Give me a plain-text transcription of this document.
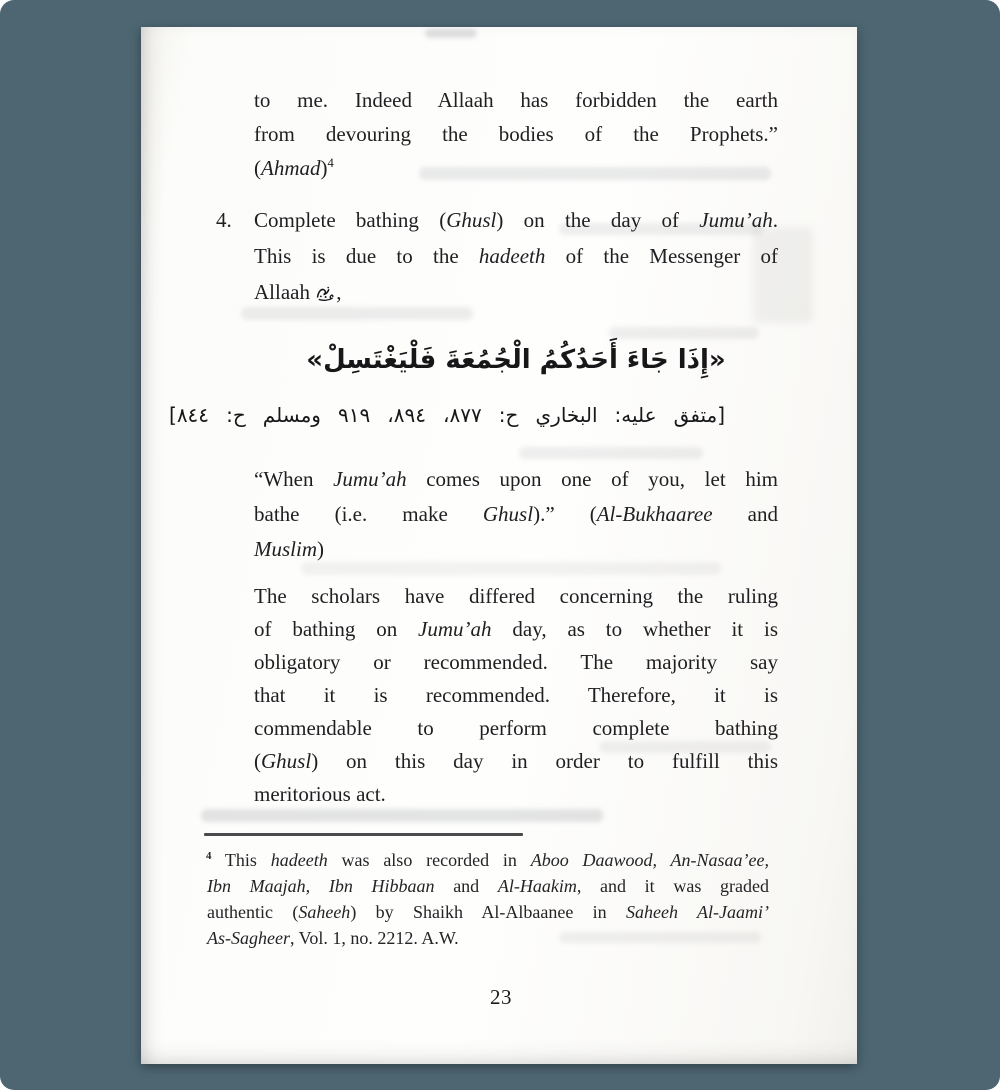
to me. Indeed Allaah has forbidden the earth
from devouring the bodies of the Prophets.”
(Ahmad)$^4$
4.	Complete bathing (Ghusl) on the day of Jumu’ah.
This is due to the hadeeth of the Messenger of
Allaah
,
«إِذَا جَاءَ أَحَدُكُمُ الْجُمُعَةَ فَلْيَغْتَسِلْ»
[متفق عليه: البخاري ح: ٨٧٧، ٨٩٤، ٩١٩ ومسلم ح: ٨٤٤]
“When Jumu’ah comes upon one of you, let him
bathe (i.e. make Ghusl).” (Al-Bukhaaree and
Muslim)
The scholars have differed concerning the ruling
of bathing on Jumu’ah day, as to whether it is
obligatory or recommended. The majority say
that it is recommended. Therefore, it is
commendable to perform complete bathing
(Ghusl) on this day in order to fulfill this
meritorious act.
$^4$ This hadeeth was also recorded in Aboo Daawood, An-Nasaa’ee,
Ibn Maajah, Ibn Hibbaan and Al-Haakim, and it was graded
authentic (Saheeh) by Shaikh Al-Albaanee in Saheeh Al-Jaami’
As-Sagheer, Vol. 1, no. 2212. A.W.
23
